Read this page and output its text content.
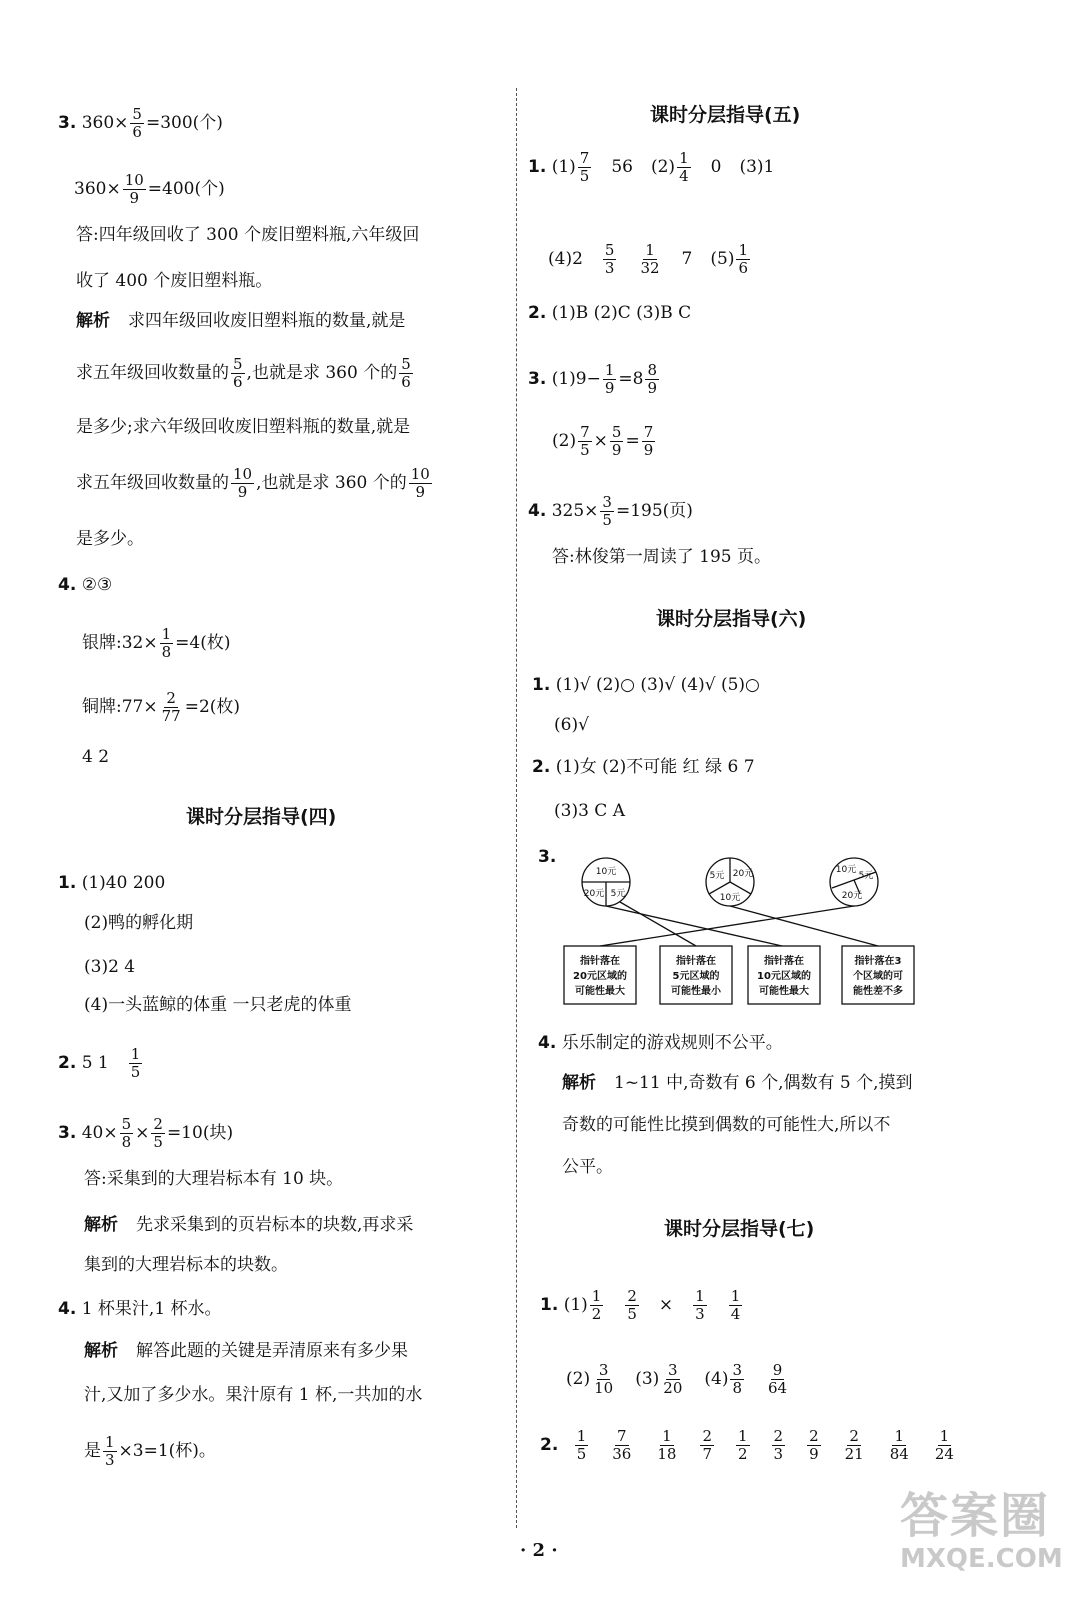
3. $360\times \frac{5}{6} =300$(个)
$360\times \frac{10}{9} =400$(个)
答:四年级回收了 300 个废旧塑料瓶,六年级回
收了 400 个废旧塑料瓶。
解析 求四年级回收废旧塑料瓶的数量,就是
求五年级回收数量的 $\frac{5}{6}$ ,也就是求 360 个的 $\frac{5}{6}$
是多少;求六年级回收废旧塑料瓶的数量,就是
求五年级回收数量的 $\frac{10}{9}$ ,也就是求 360 个的 $\frac{10}{9}$
是多少。
4. ②③
银牌:32× $\frac{1}{8} =4$(枚)
铜牌:77× $\frac{2}{77} =2$(枚)
4 2
课时分层指导(四)
1. (1)40 200
(2)鸭的孵化期
(3)2 4
(4)一头蓝鲸的体重 一只老虎的体重
2. 5 $1 \frac{1}{5}$
3. $40\times \frac{5}{8} \times \frac{2}{5} =10$(块)
答:采集到的大理岩标本有 10 块。
解析 先求采集到的页岩标本的块数,再求采
集到的大理岩标本的块数。
4. 1 杯果汁,1 杯水。
解析 解答此题的关键是弄清原来有多少果
汁,又加了多少水。果汁原有 1 杯,一共加的水
是 $\frac{1}{3} \times 3=1$(杯)。
课时分层指导(五)
1. $(1) \frac{7}{5} 56$ $(2) \frac{1}{4} 0$ (3)1
$(4)2 \frac{5}{3} \frac{1}{32} 7$ $(5) \frac{1}{6}$
2. (1)B (2)C (3)B C
3. $(1)9- \frac{1}{9} =8 \frac{8}{9}$
$(2) \frac{7}{5} \times \frac{5}{9} = \frac{7}{9}$
4. $325\times \frac{3}{5} =195$(页)
答:林俊第一周读了 195 页。
课时分层指导(六)
1. (1)√ (2)○ (3)√ (4)√ (5)○
(6)√
2. (1)女 (2)不可能 红 绿 6 7
(3)3 C A
3.
10元
20元 5元
5元 20元
10元
10元
5元
20元
指针落在
20元区域的
可能性最大
指针落在
5元区域的
可能性最小
指针落在
10元区域的
可能性最大
指针落在3
个区域的可
能性差不多
4. 乐乐制定的游戏规则不公平。
解析 1~11 中,奇数有 6 个,偶数有 5 个,摸到
奇数的可能性比摸到偶数的可能性大,所以不
公平。
课时分层指导(七)
1. $(1) \frac{1}{2} \frac{2}{5} \times \frac{1}{3} \frac{1}{4}$
$(2) \frac{3}{10} (3) \frac{3}{20} (4) \frac{3}{8} \frac{9}{64}$
2. $\frac{1}{5} \frac{7}{36} \frac{1}{18} \frac{2}{7} \frac{1}{2} \frac{2}{3} \frac{2}{9} \frac{2}{21} \frac{1}{84} \frac{1}{24}$
· 2 ·
答案圈
MXQE.COM
